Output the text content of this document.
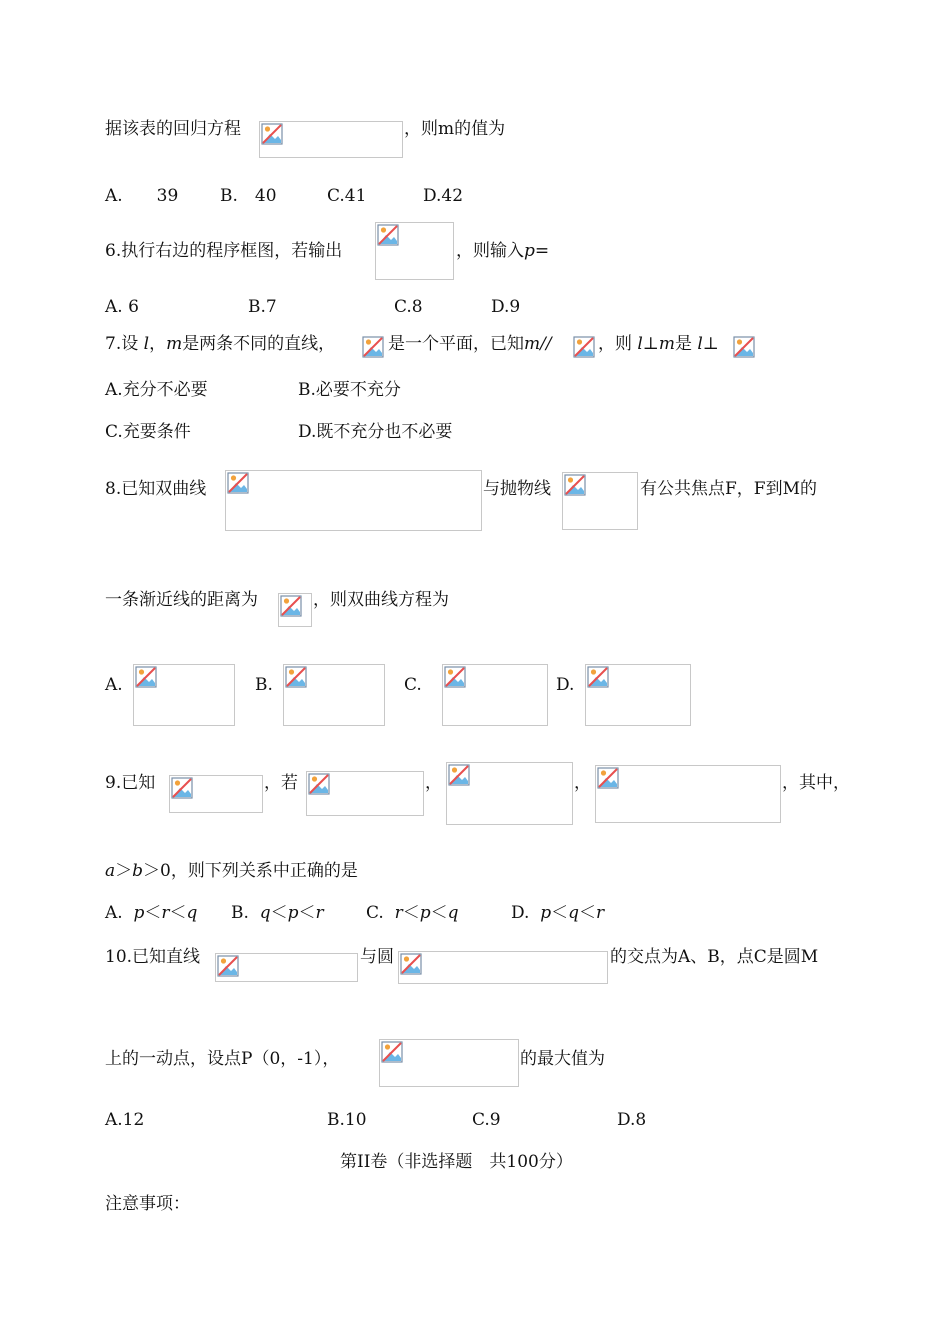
据该表的回归方程	，则m的值为
A.　　39 B.　40	C.41	D.42
6.执行右边的程序框图，若输出	，则输入p=
A. 6	B.7	C.8	D.9
7.设 l，m是两条不同的直线，	是一个平面，已知m//	，则 l⊥m是 l⊥
A.充分不必要	B.必要不充分
C.充要条件	D.既不充分也不必要
8.已知双曲线	与抛物线	有公共焦点F，F到M的
一条渐近线的距离为	，则双曲线方程为
A.	B.	C.	D.
9.已知	，若	，	，	，其中，
a＞b＞0，则下列关系中正确的是
A. p＜r＜q B. q＜p＜r C. r＜p＜q	D. p＜q＜r
10.已知直线	与圆	的交点为A、B，点C是圆M
上的一动点，设点P（0，-1），	的最大值为
A.12	B.10	C.9	D.8
第II卷（非选择题　共100分）
注意事项：
